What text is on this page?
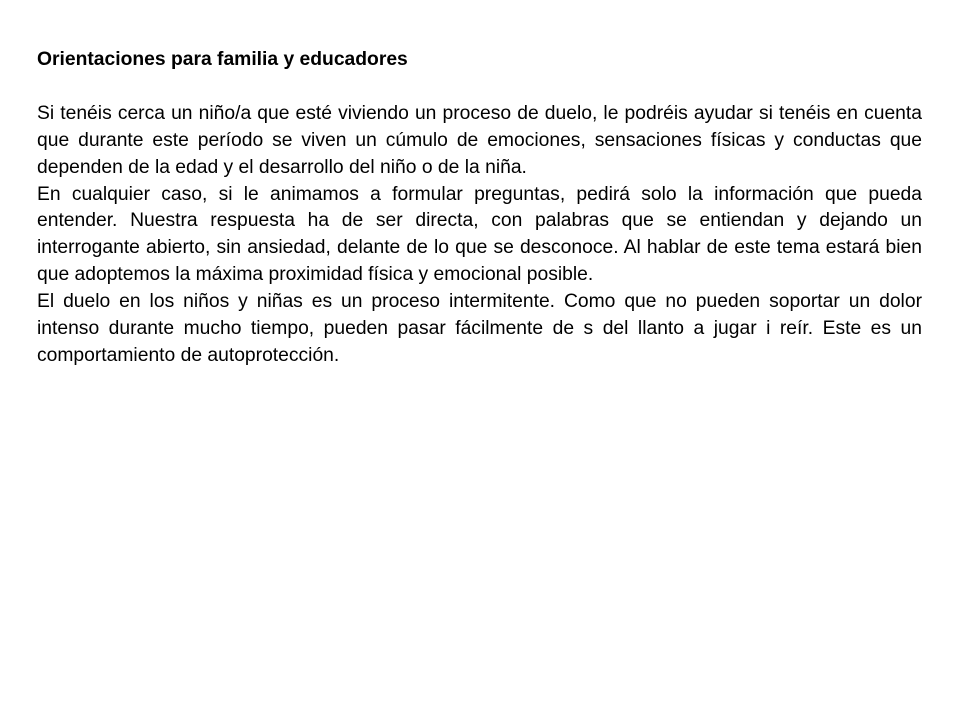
Orientaciones para familia y educadores

Si tenéis cerca un niño/a que esté viviendo un proceso de duelo, le podréis ayudar si tenéis en cuenta que durante este período se viven un cúmulo de emociones, sensaciones físicas y conductas que dependen de la edad y el desarrollo del niño o de la niña.

En cualquier caso, si le animamos a formular preguntas, pedirá solo la información que pueda entender. Nuestra respuesta ha de ser directa, con palabras que se entiendan y dejando un interrogante abierto, sin ansiedad, delante de lo que se desconoce. Al hablar de este tema estará bien que adoptemos la máxima proximidad física y emocional posible.

El duelo en los niños y niñas es un proceso intermitente. Como que no pueden soportar un dolor intenso durante mucho tiempo, pueden pasar fácilmente de s del llanto a jugar i reír. Este es un comportamiento de autoprotección.
